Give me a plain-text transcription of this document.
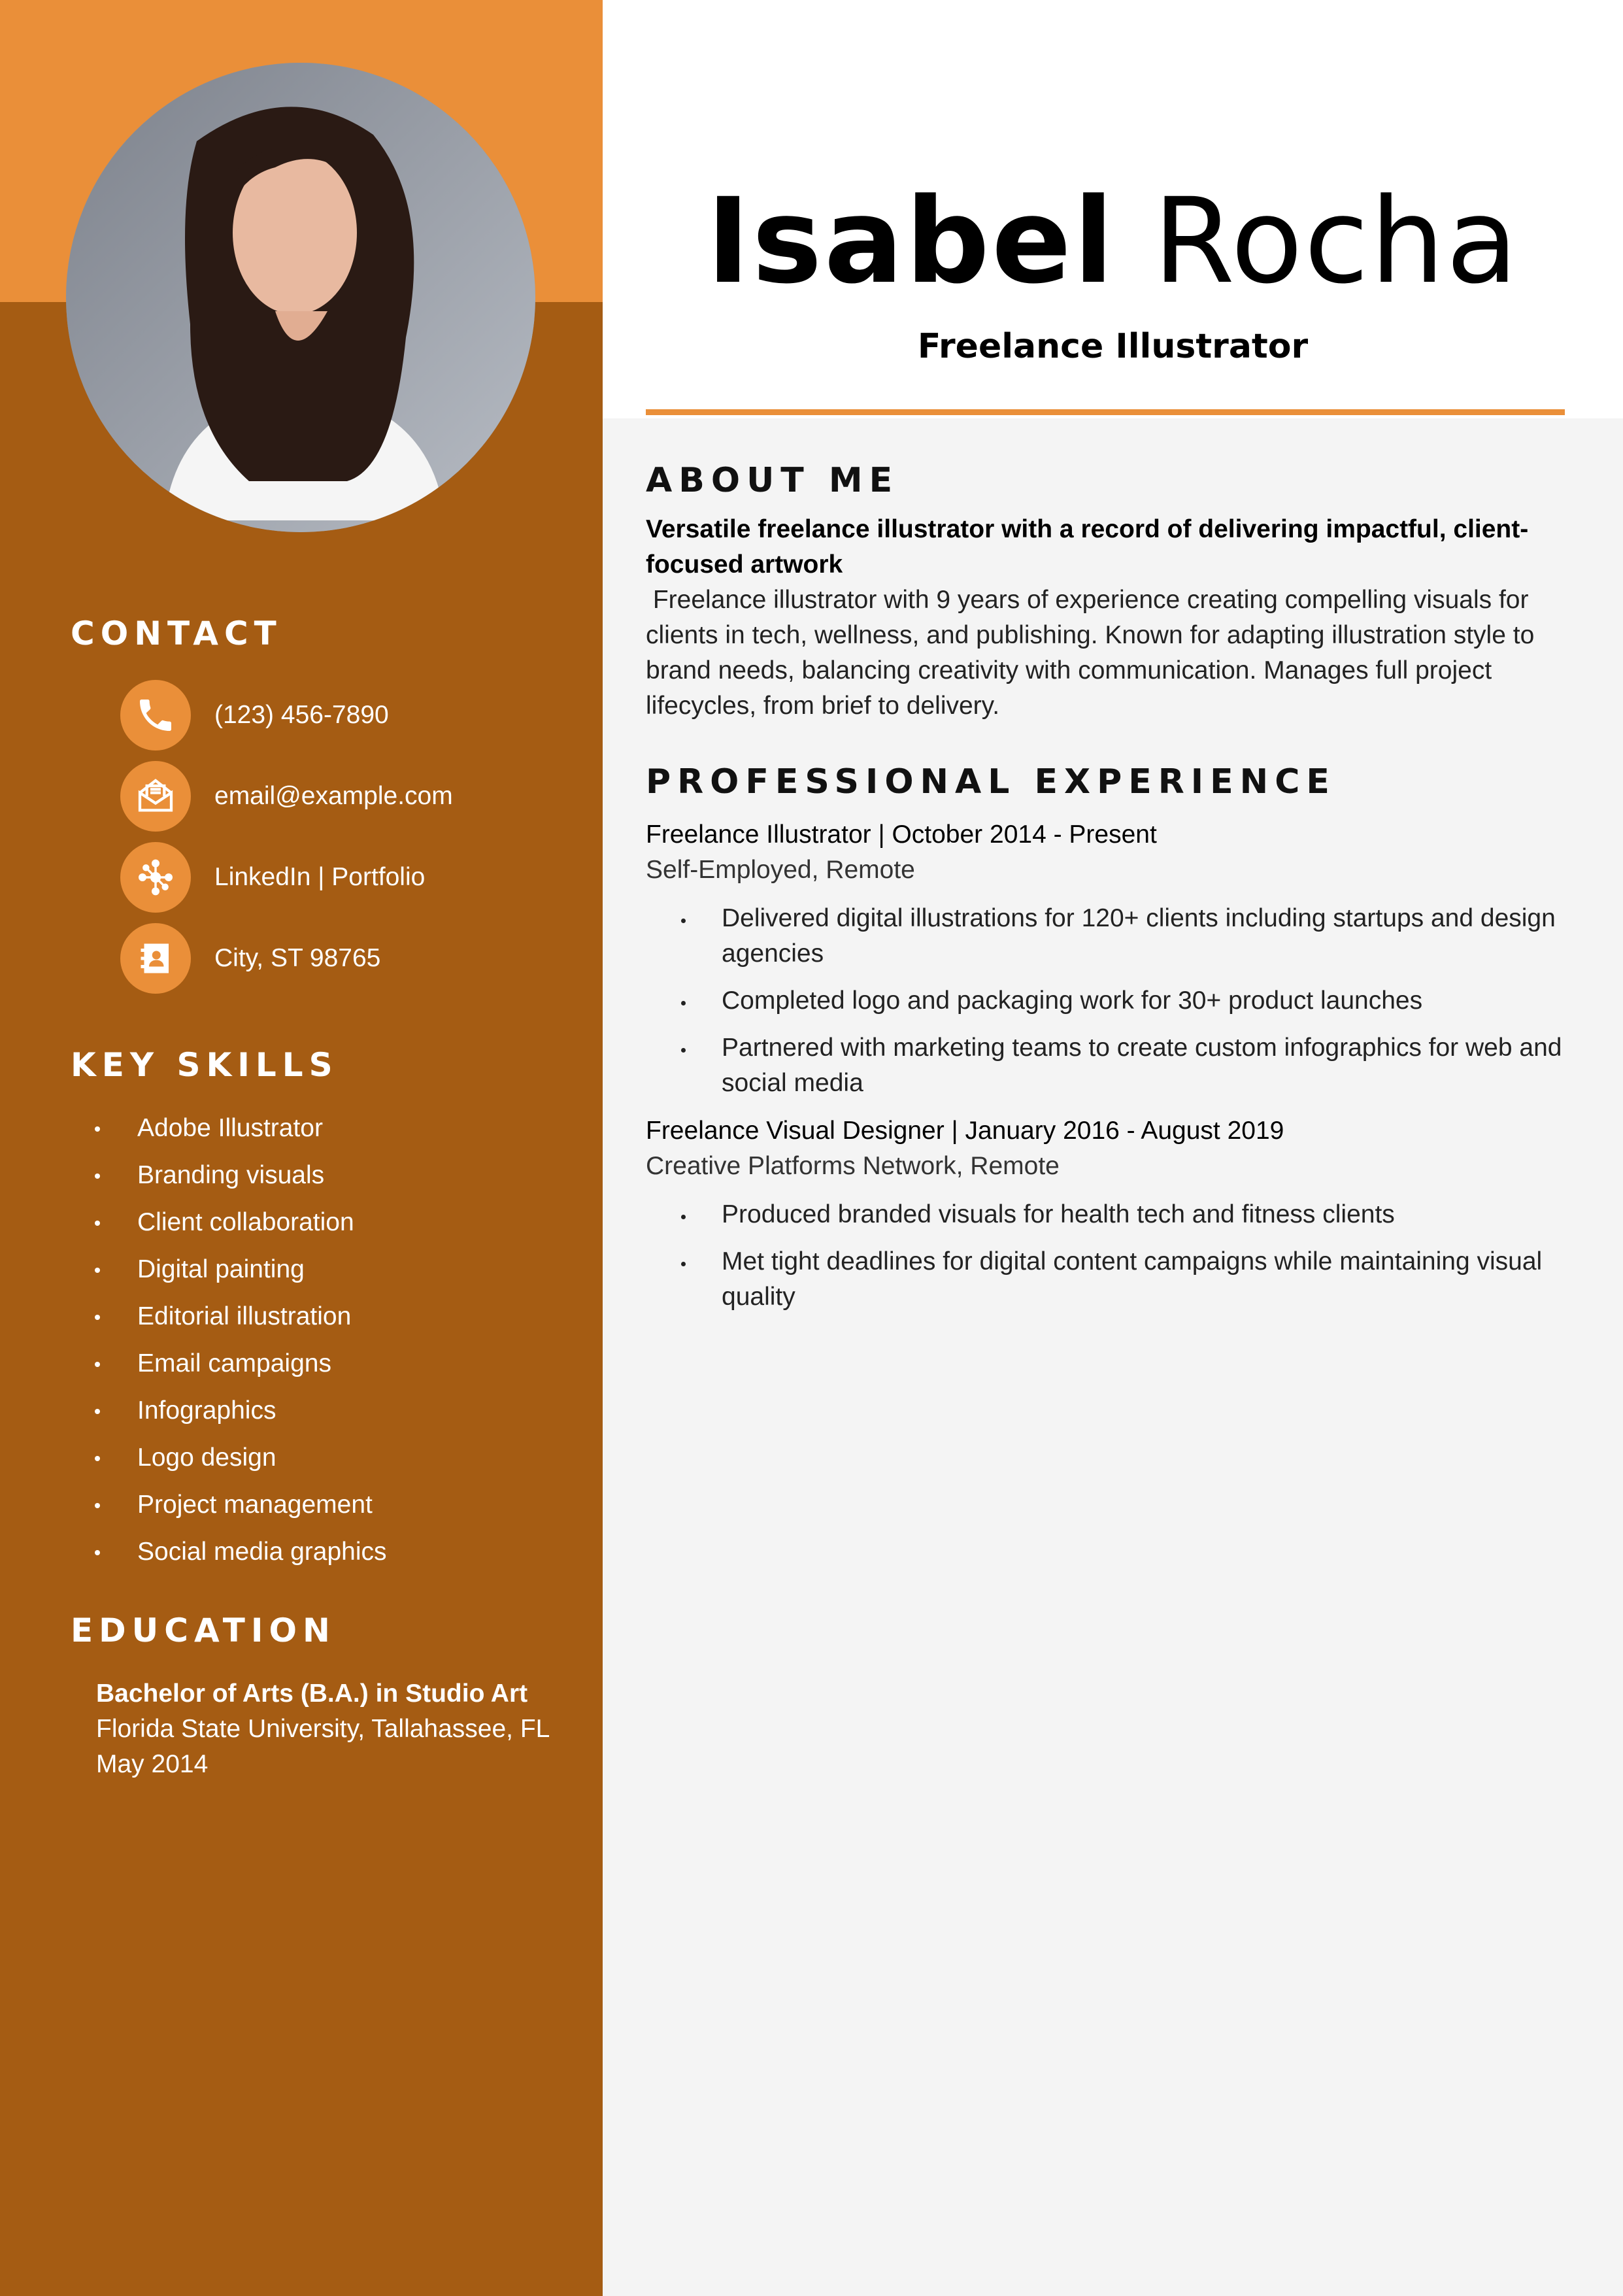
CONTACT
(123) 456-7890
email@example.com
LinkedIn | Portfolio
City, ST 98765
KEY SKILLS
Adobe Illustrator
Branding visuals
Client collaboration
Digital painting
Editorial illustration
Email campaigns
Infographics
Logo design
Project management
Social media graphics
EDUCATION
Bachelor of Arts (B.A.) in Studio Art
Florida State University, Tallahassee, FL
May 2014
Isabel Rocha
Freelance Illustrator
ABOUT ME
Versatile freelance illustrator with a record of delivering impactful, client-focused artwork
Freelance illustrator with 9 years of experience creating compelling visuals for clients in tech, wellness, and publishing. Known for adapting illustration style to brand needs, balancing creativity with communication. Manages full project lifecycles, from brief to delivery.
PROFESSIONAL EXPERIENCE
Freelance Illustrator | October 2014 - Present
Self-Employed, Remote
Delivered digital illustrations for 120+ clients including startups and design agencies
Completed logo and packaging work for 30+ product launches
Partnered with marketing teams to create custom infographics for web and social media
Freelance Visual Designer | January 2016 - August 2019
Creative Platforms Network, Remote
Produced branded visuals for health tech and fitness clients
Met tight deadlines for digital content campaigns while maintaining visual quality
